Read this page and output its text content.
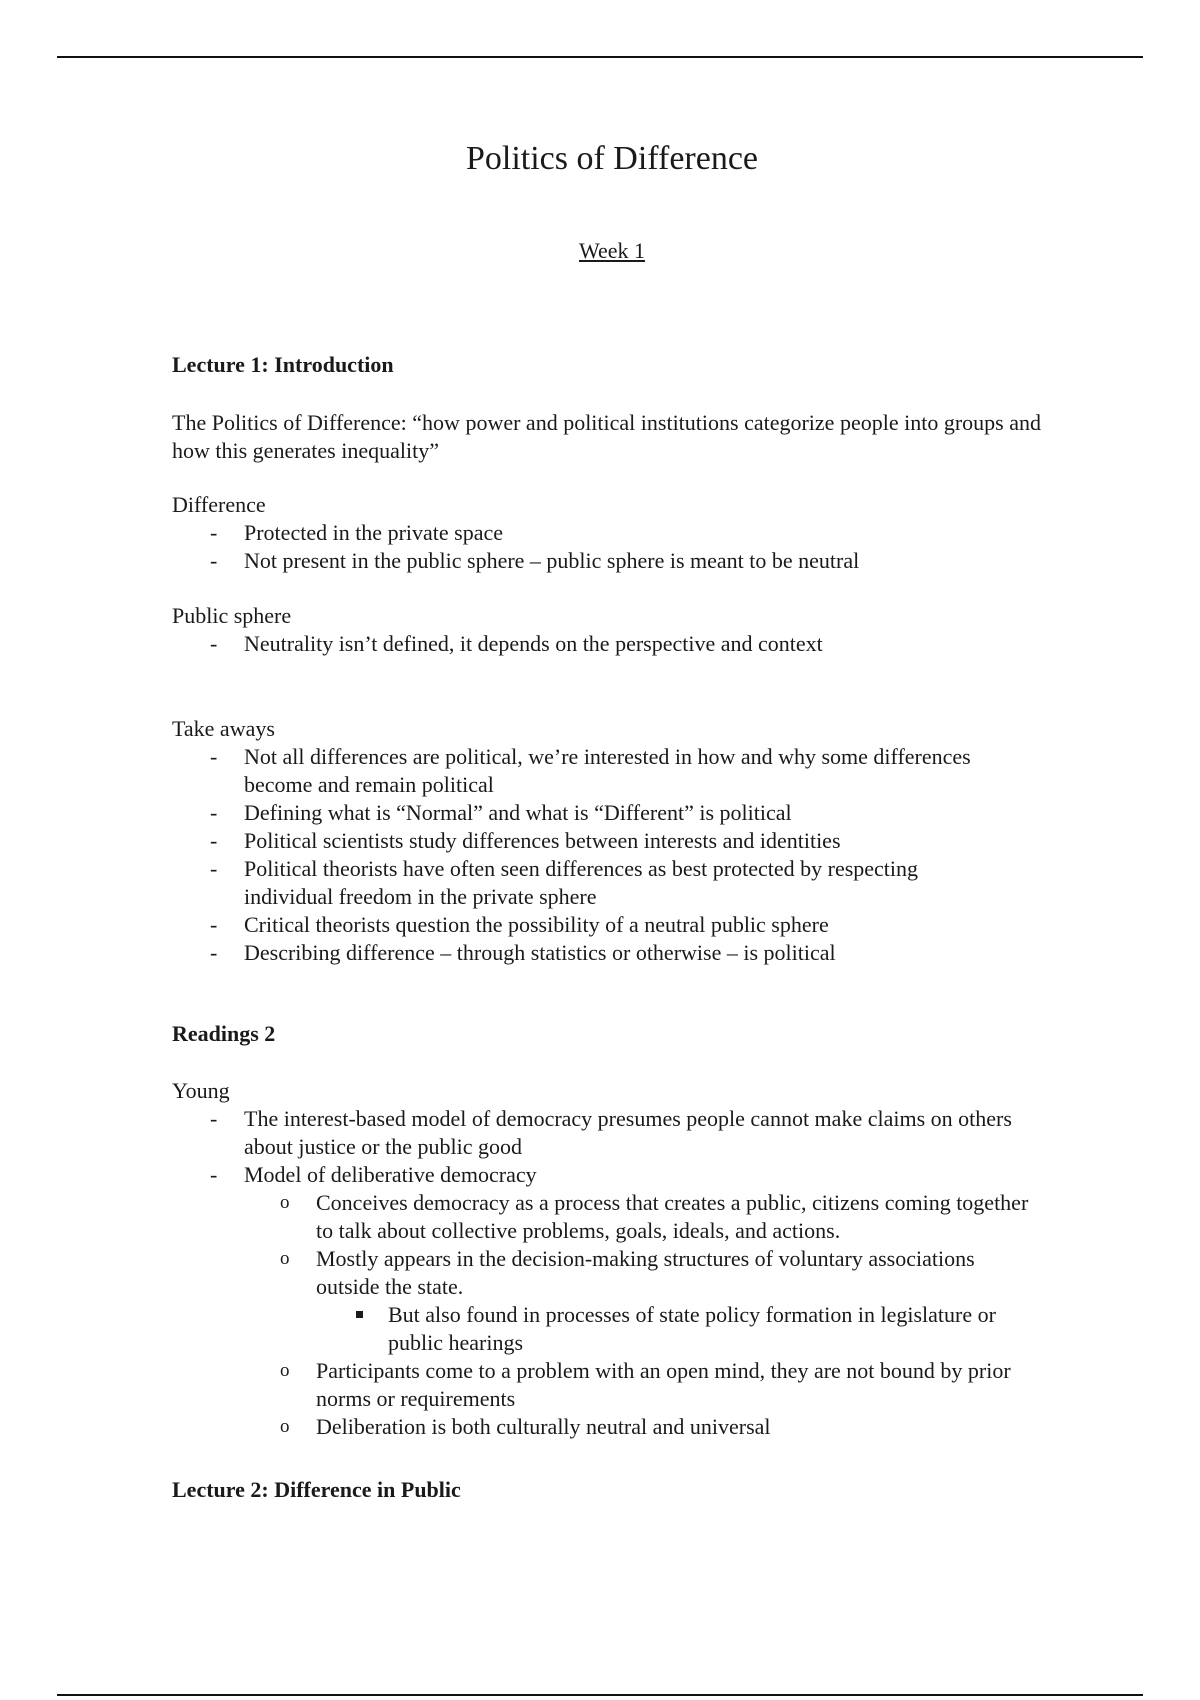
Politics of Difference
Week 1
Lecture 1: Introduction
The Politics of Difference: “how power and political institutions categorize people into groups and how this generates inequality”
Difference
- Protected in the private space
- Not present in the public sphere – public sphere is meant to be neutral
Public sphere
- Neutrality isn’t defined, it depends on the perspective and context
Take aways
- Not all differences are political, we’re interested in how and why some differences become and remain political
- Defining what is “Normal” and what is “Different” is political
- Political scientists study differences between interests and identities
- Political theorists have often seen differences as best protected by respecting individual freedom in the private sphere
- Critical theorists question the possibility of a neutral public sphere
- Describing difference – through statistics or otherwise – is political
Readings 2
Young
- The interest-based model of democracy presumes people cannot make claims on others about justice or the public good
- Model of deliberative democracy
o Conceives democracy as a process that creates a public, citizens coming together to talk about collective problems, goals, ideals, and actions.
o Mostly appears in the decision-making structures of voluntary associations outside the state.
But also found in processes of state policy formation in legislature or public hearings
o Participants come to a problem with an open mind, they are not bound by prior norms or requirements
o Deliberation is both culturally neutral and universal
Lecture 2: Difference in Public
